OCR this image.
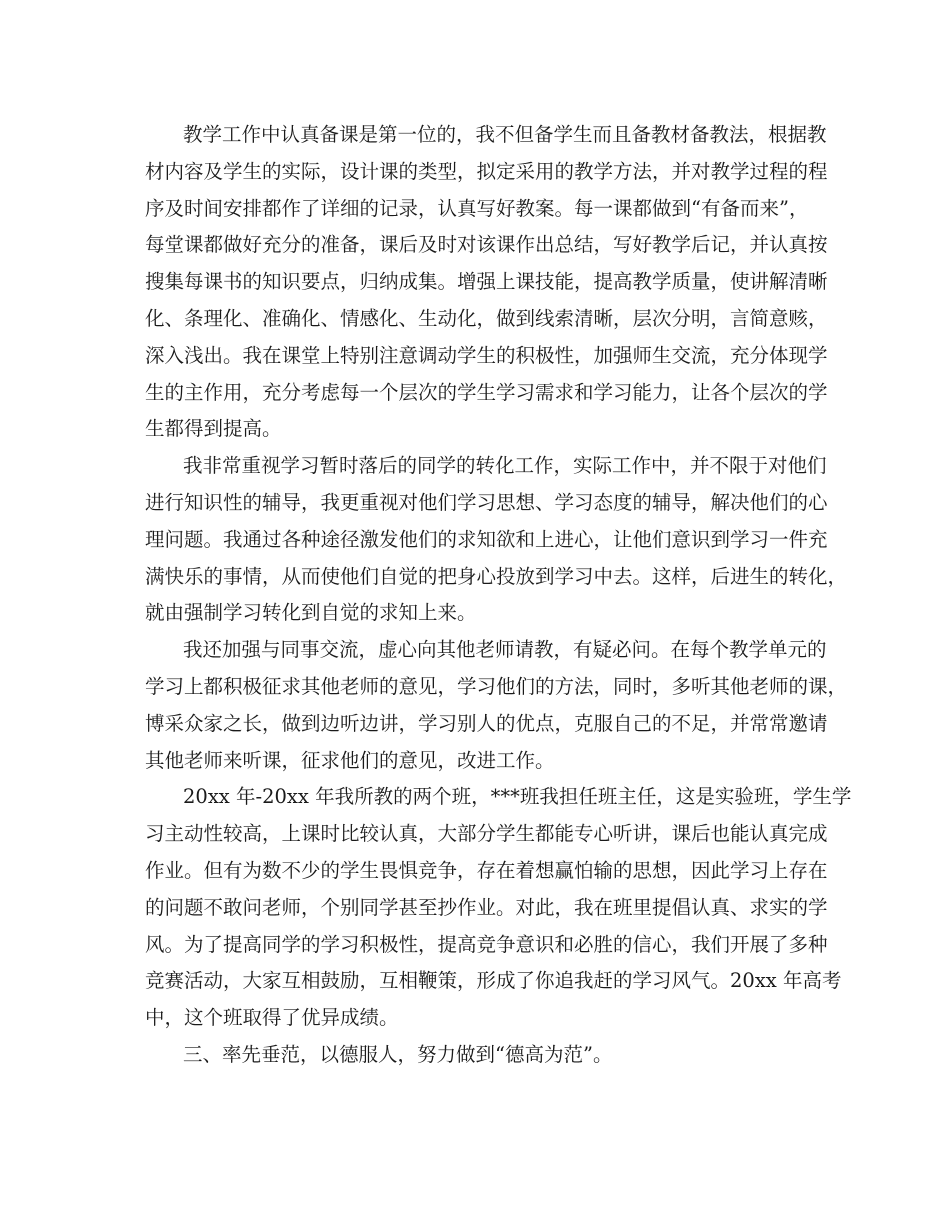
教学工作中认真备课是第一位的，我不但备学生而且备教材备教法，根据教
材内容及学生的实际，设计课的类型，拟定采用的教学方法，并对教学过程的程
序及时间安排都作了详细的记录，认真写好教案。每一课都做到“有备而来”，
每堂课都做好充分的准备，课后及时对该课作出总结，写好教学后记，并认真按
搜集每课书的知识要点，归纳成集。增强上课技能，提高教学质量，使讲解清晰
化、条理化、准确化、情感化、生动化，做到线索清晰，层次分明，言简意赅，
深入浅出。我在课堂上特别注意调动学生的积极性，加强师生交流，充分体现学
生的主作用，充分考虑每一个层次的学生学习需求和学习能力，让各个层次的学
生都得到提高。
我非常重视学习暂时落后的同学的转化工作，实际工作中，并不限于对他们
进行知识性的辅导，我更重视对他们学习思想、学习态度的辅导，解决他们的心
理问题。我通过各种途径激发他们的求知欲和上进心，让他们意识到学习一件充
满快乐的事情，从而使他们自觉的把身心投放到学习中去。这样，后进生的转化，
就由强制学习转化到自觉的求知上来。
我还加强与同事交流，虚心向其他老师请教，有疑必问。在每个教学单元的
学习上都积极征求其他老师的意见，学习他们的方法，同时，多听其他老师的课，
博采众家之长，做到边听边讲，学习别人的优点，克服自己的不足，并常常邀请
其他老师来听课，征求他们的意见，改进工作。
20xx 年-20xx 年我所教的两个班，***班我担任班主任，这是实验班，学生学
习主动性较高，上课时比较认真，大部分学生都能专心听讲，课后也能认真完成
作业。但有为数不少的学生畏惧竞争，存在着想赢怕输的思想，因此学习上存在
的问题不敢问老师，个别同学甚至抄作业。对此，我在班里提倡认真、求实的学
风。为了提高同学的学习积极性，提高竞争意识和必胜的信心，我们开展了多种
竞赛活动，大家互相鼓励，互相鞭策，形成了你追我赶的学习风气。20xx 年高考
中，这个班取得了优异成绩。
三、率先垂范，以德服人，努力做到“德高为范”。
